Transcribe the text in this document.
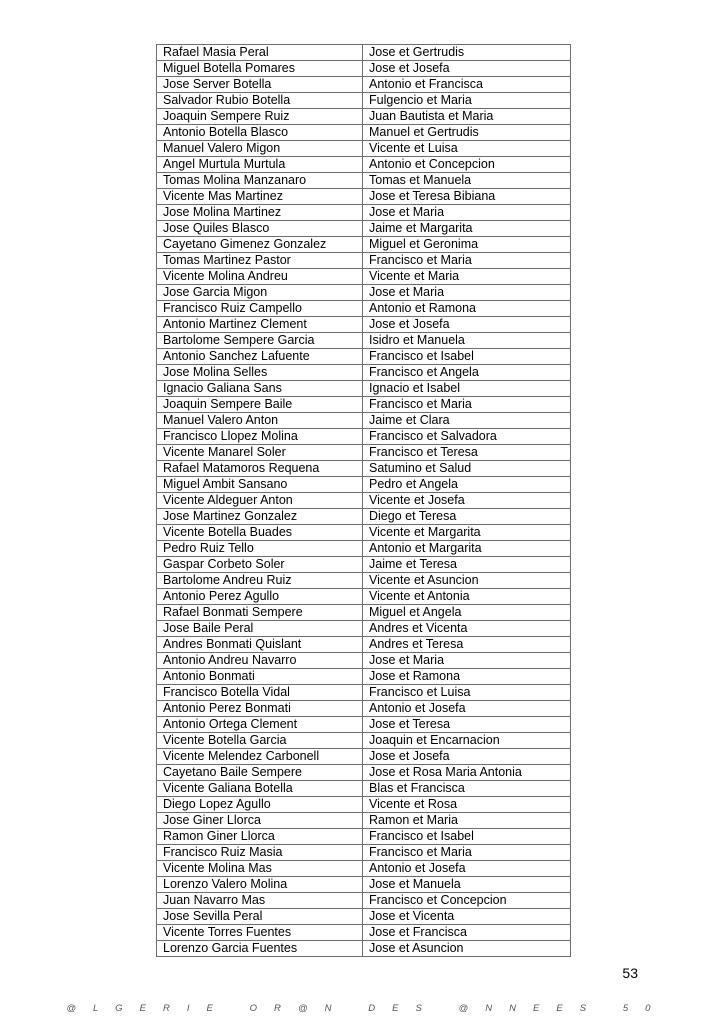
Rafael Masia Peral	Jose et Gertrudis
Miguel Botella Pomares	Jose et Josefa
Jose Server Botella	Antonio et Francisca
Salvador Rubio Botella	Fulgencio et Maria
Joaquin Sempere Ruiz	Juan Bautista et Maria
Antonio Botella Blasco	Manuel et Gertrudis
Manuel Valero Migon	Vicente et Luisa
Angel Murtula Murtula	Antonio et Concepcion
Tomas Molina Manzanaro	Tomas et Manuela
Vicente Mas Martinez	Jose et Teresa Bibiana
Jose Molina Martinez	Jose et Maria
Jose Quiles Blasco	Jaime et Margarita
Cayetano Gimenez Gonzalez	Miguel et Geronima
Tomas Martinez Pastor	Francisco et Maria
Vicente Molina Andreu	Vicente et Maria
Jose Garcia Migon	Jose et Maria
Francisco Ruiz Campello	Antonio et Ramona
Antonio Martinez Clement	Jose et Josefa
Bartolome Sempere Garcia	Isidro et Manuela
Antonio Sanchez Lafuente	Francisco et Isabel
Jose Molina Selles	Francisco et Angela
Ignacio Galiana Sans	Ignacio et Isabel
Joaquin Sempere Baile	Francisco et Maria
Manuel Valero Anton	Jaime et Clara
Francisco Llopez Molina	Francisco et Salvadora
Vicente Manarel Soler	Francisco et Teresa
Rafael Matamoros Requena	Satumino et Salud
Miguel Ambit Sansano	Pedro et Angela
Vicente Aldeguer Anton	Vicente et Josefa
Jose Martinez Gonzalez	Diego et Teresa
Vicente Botella Buades	Vicente et Margarita
Pedro Ruiz Tello	Antonio et Margarita
Gaspar Corbeto Soler	Jaime et Teresa
Bartolome Andreu Ruiz	Vicente et Asuncion
Antonio Perez Agullo	Vicente et Antonia
Rafael Bonmati Sempere	Miguel et Angela
Jose Baile Peral	Andres et Vicenta
Andres Bonmati Quislant	Andres et Teresa
Antonio Andreu Navarro	Jose et Maria
Antonio Bonmati	Jose et Ramona
Francisco Botella Vidal	Francisco et Luisa
Antonio Perez Bonmati	Antonio et Josefa
Antonio Ortega Clement	Jose et Teresa
Vicente Botella Garcia	Joaquin et Encarnacion
Vicente Melendez Carbonell	Jose et Josefa
Cayetano Baile Sempere	Jose et Rosa Maria Antonia
Vicente Galiana Botella	Blas et Francisca
Diego Lopez Agullo	Vicente et Rosa
Jose Giner Llorca	Ramon et Maria
Ramon Giner Llorca	Francisco et Isabel
Francisco Ruiz Masia	Francisco et Maria
Vicente Molina Mas	Antonio et Josefa
Lorenzo Valero Molina	Jose et Manuela
Juan Navarro Mas	Francisco et Concepcion
Jose Sevilla Peral	Jose et Vicenta
Vicente Torres Fuentes	Jose et Francisca
Lorenzo Garcia Fuentes	Jose et Asuncion
53
@ L G E R I E   O R @ N   D E S   @ N N E E S   5 0
